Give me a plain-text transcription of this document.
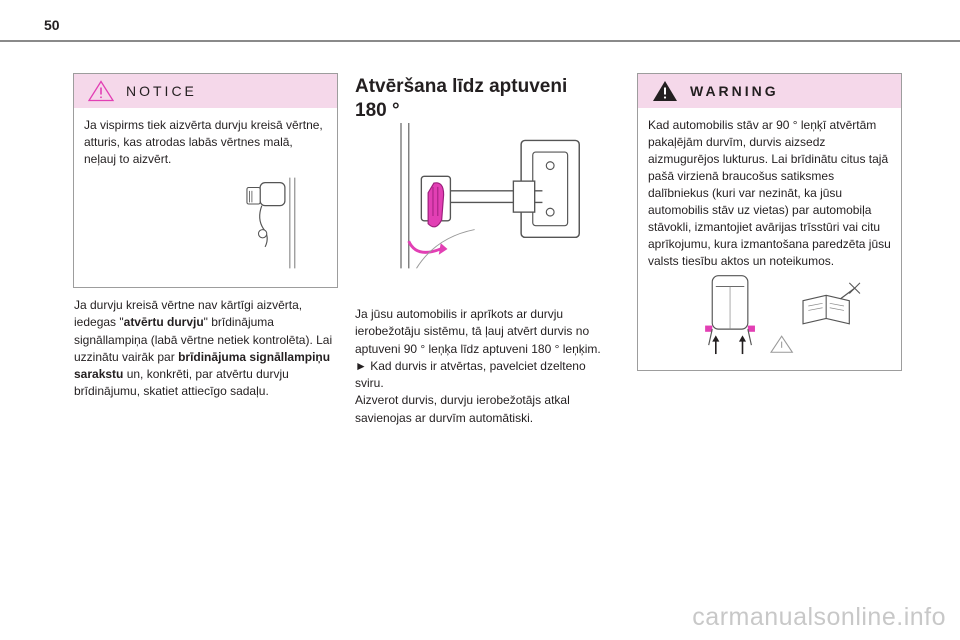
50
NOTICE
Ja vispirms tiek aizvērta durvju kreisā vērtne, atturis, kas atrodas labās vērtnes malā, neļauj to aizvērt.

Ja durvju kreisā vērtne nav kārtīgi aizvērta, iedegas "atvērtu durvju" brīdinājuma signāllampiņa (labā vērtne netiek kontrolēta). Lai uzzinātu vairāk par brīdinājuma signāllampiņu sarakstu un, konkrēti, par atvērtu durvju brīdinājumu, skatiet attiecīgo sadaļu.

Atvēršana līdz aptuveni
180 °
Ja jūsu automobilis ir aprīkots ar durvju
ierobežotāju sistēmu, tā ļauj atvērt durvis no
aptuveni 90 ° leņķa līdz aptuveni 180 ° leņķim.
► Kad durvis ir atvērtas, pavelciet dzelteno
sviru.
Aizverot durvis, durvju ierobežotājs atkal
savienojas ar durvīm automātiski.
WARNING
Kad automobilis stāv ar 90 ° leņķī atvērtām pakaļējām durvīm, durvis aizsedz aizmugurējos lukturus. Lai brīdinātu citus tajā pašā virzienā braucošus satiksmes dalībniekus (kuri var nezināt, ka jūsu automobilis stāv uz vietas) par automobiļa stāvokli, izmantojiet avārijas trīsstūri vai citu aprīkojumu, kura izmantošana paredzēta jūsu valsts tiesību aktos un noteikumos.
carmanualsonline.info
